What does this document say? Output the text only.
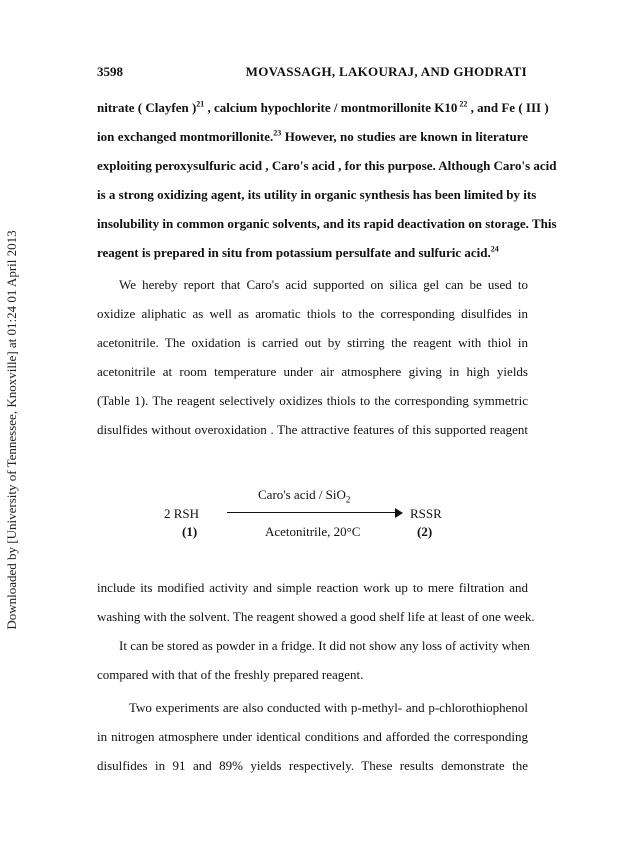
Downloaded by [University of Tennessee, Knoxville] at 01:24 01 April 2013
3598	MOVASSAGH, LAKOURAJ, AND GHODRATI
nitrate ( Clayfen )$^{21}$ , calcium hypochlorite / montmorillonite K10 $^{22}$ , and Fe ( III )
ion exchanged montmorillonite.$^{23}$ However, no studies are known in literature
exploiting peroxysulfuric acid , Caro's acid , for this purpose. Although Caro's acid
is a strong oxidizing agent, its utility in organic synthesis has been limited by its
insolubility in common organic solvents, and its rapid deactivation on storage. This
reagent is prepared in situ from potassium persulfate and sulfuric acid.$^{24}$
We hereby report that Caro's acid supported on silica gel can be used to
oxidize aliphatic as well as aromatic thiols to the corresponding disulfides in
acetonitrile. The oxidation is carried out by stirring the reagent with thiol in
acetonitrile at room temperature under air atmosphere giving in high yields
(Table 1). The reagent selectively oxidizes thiols to the corresponding symmetric
disulfides without overoxidation . The attractive features of this supported reagent
Caro's acid / SiO$_2$
2 RSH	RSSR
(1)	Acetonitrile, 20°C	(2)
include its modified activity and simple reaction work up to mere filtration and
washing with the solvent. The reagent showed a good shelf life at least of one week.
It can be stored as powder in a fridge. It did not show any loss of activity when
compared with that of the freshly prepared reagent.
Two experiments are also conducted with p-methyl- and p-chlorothiophenol
in nitrogen atmosphere under identical conditions and afforded the corresponding
disulfides in 91 and 89% yields respectively. These results demonstrate the
